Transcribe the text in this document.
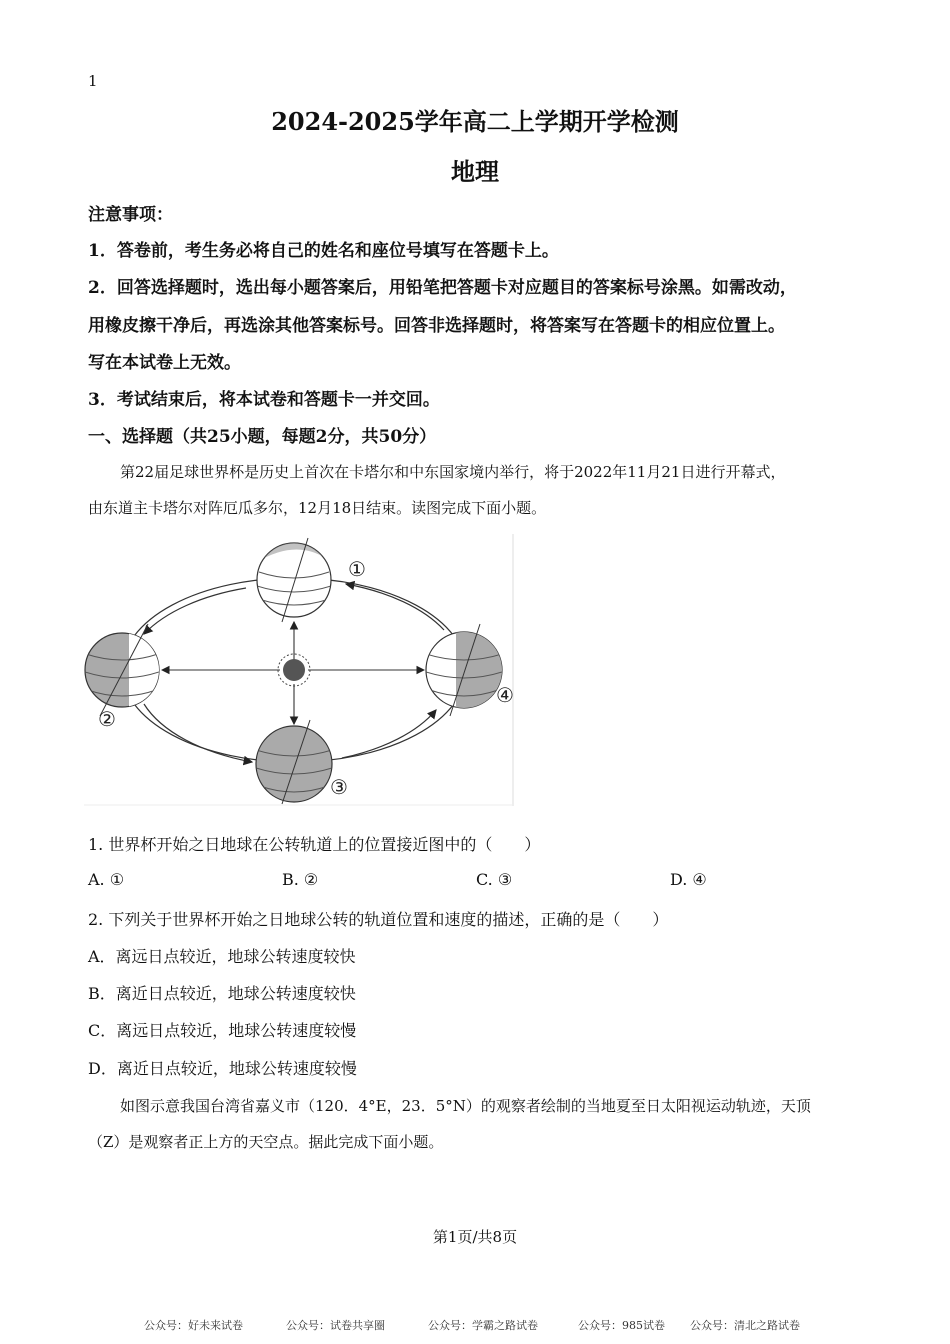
1
2024-2025学年高二上学期开学检测
地理
注意事项：
1．答卷前，考生务必将自己的姓名和座位号填写在答题卡上。
2．回答选择题时，选出每小题答案后，用铅笔把答题卡对应题目的答案标号涂黑。如需改动，
用橡皮擦干净后，再选涂其他答案标号。回答非选择题时，将答案写在答题卡的相应位置上。
写在本试卷上无效。
3．考试结束后，将本试卷和答题卡一并交回。
一、选择题（共25小题，每题2分，共50分）
第22届足球世界杯是历史上首次在卡塔尔和中东国家境内举行，将于2022年11月21日进行开幕式，
由东道主卡塔尔对阵厄瓜多尔，12月18日结束。读图完成下面小题。
①
②
③
④
1. 世界杯开始之日地球在公转轨道上的位置接近图中的（　　）
A. ①	B. ②	C. ③	D. ④
2. 下列关于世界杯开始之日地球公转的轨道位置和速度的描述，正确的是（　　）
A．离远日点较近，地球公转速度较快
B．离近日点较近，地球公转速度较快
C．离远日点较近，地球公转速度较慢
D．离近日点较近，地球公转速度较慢
如图示意我国台湾省嘉义市（120．4°E，23．5°N）的观察者绘制的当地夏至日太阳视运动轨迹，天顶
（Z）是观察者正上方的天空点。据此完成下面小题。
第1页/共8页
公众号：好未来试卷	公众号：试卷共享圈	公众号：学霸之路试卷	公众号：985试卷 公众号：清北之路试卷
